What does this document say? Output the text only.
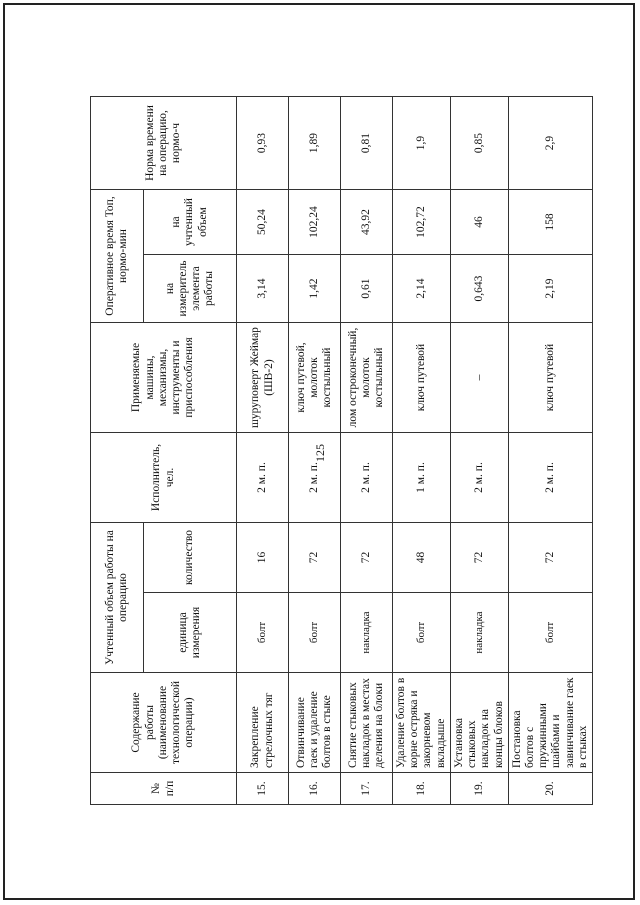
125
№ п/п	Содержание работы (наименование технологической операции)	Учтенный объем работы на операцию		Исполнитель, чел.	Применяемые машины, механизмы, инструменты и приспособления	Оперативное время Топ, нормо-мин		Норма времени на операцию, нормо-ч
		единица измерения	количество			на измеритель элемента работы	на учтенный объем	
15.	Закрепление стрелочных тяг	болт	16	2 м. п.	шуруповерт Жеймар (ШВ-2)	3,14	50,24	0,93
16.	Отвинчивание гаек и удаление болтов в стыке	болт	72	2 м. п.	ключ путевой, молоток костыльный	1,42	102,24	1,89
17.	Снятие стыковых накладок в местах деления на блоки	накладка	72	2 м. п.	лом остроконечный, молоток костыльный	0,61	43,92	0,81
18.	Удаление болтов в корне остряка и закорневом вкладыше	болт	48	1 м. п.	ключ путевой	2,14	102,72	1,9
19.	Установка стыковых накладок на концы блоков	накладка	72	2 м. п.	–	0,643	46	0,85
20.	Постановка болтов с пружинными шайбами и завинчивание гаек в стыках	болт	72	2 м. п.	ключ путевой	2,19	158	2,9
